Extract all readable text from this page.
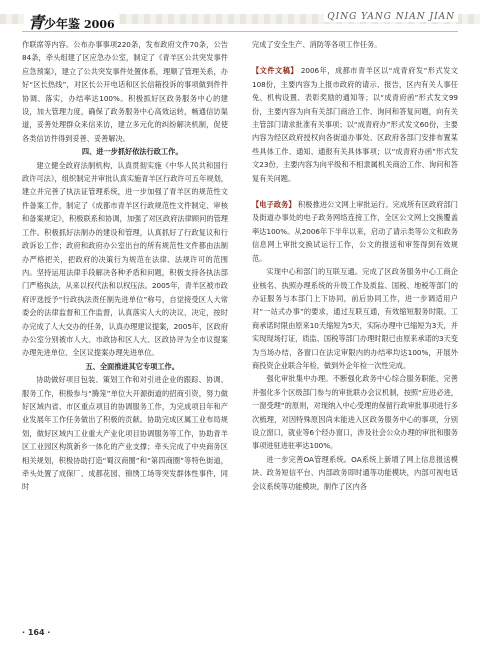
青少年鉴 2006
QING YANG NIAN JIAN

作联席等内容。公布办事事项220条，发布政府文件70条，公告84条，牵头组建了区应急办公室，制定了《青羊区公共突发事件应急预案》，建立了公共突发事件处置体系，理顺了管理关系，办好“区长热线”，对区长公开电话和区长信箱投诉的事项做到件件协调、落实，办结率达100%。积极抓好区政务服务中心的建设，加大管理力度，确保了政务服务中心高效运转，畅通信访渠道，妥善处理群众来信来访，建立多元化的纠纷解决机制，促使各类信访件得到妥善、妥善解决。

四、进一步抓好依法行政工作。

建立健全政府法制机构，认真贯彻实施《中华人民共和国行政许可法》，组织制定并审批认真实施青羊区行政许可五年规划，建立并完善了执法证管理系统，进一步加强了青羊区的规范性文件备案工作，制定了《成都市青羊区行政规范性文件制定、审核和备案规定》，积极联系和协调，加强了对区政府法律顾问的管理工作。积极抓好法制办的建设和管理，认真抓好了行政复议和行政诉讼工作；政府和政府办公室出台的所有规范性文件都由法制办严格把关，把政府的决策行为规范在法律、法规许可的范围内。坚持运用法律手段解决各种矛盾和问题，积极支持各执法部门严格执法，从来以权代法和以权压法。2005年，青羊区被市政府评选授予“行政执法责任制先进单位”称号，自觉接受区人大常委会的法律监督和工作监督，认真落实人大的决议、决定，按时办完成了人大交办的任务，认真办理建议提案，2005年，区政府办公室分别被市人大、市政协和区人大、区政协评为全市议提案办理先进单位、全区议提案办理先进单位。

五、全面推进其它专项工作。

协助做好项目包装、策划工作和对引进企业的跟踪、协调、服务工作，积极参与“腾笼”单位大开源街道的招商引资，努力做好区域内省、市区重点项目的协调服务工作，为完成项目年和产业发展年工作任务做出了积极的贡献。协助完成区属工业布局规划，做好区域内工业重大产业化项目协调服务等工作，协助青羊区工业园区构筑新乡一体化的产业支撑；牵头完成了中央商务区相关规划，积极协助打造“蜀汉商圈”和“第四商圈”等特色街道，牵头处置了成保厂、成都花园、锦绣工场等突发群体性事件，同时

完成了安全生产、消防等各项工作任务。

【文件文稿】 2006年，成都市青羊区以“成青府发”形式发文108份，主要内容为上报市政府的请示、报告，区内有关人事任免、机构设置、表彰奖励的通知等；以“成青府函”形式发文99份，主要内容为向有关部门商洽工作、询问和答复问题，向有关主管部门请求批准有关事项；以“成青府办”形式发文60份，主要内容为经区政府授权向各街道办事处、区政府各部门安排布置某些具体工作、通知、通报有关具体事项；以“成青府办函”形式发文23份，主要内容为向平级和不相隶属机关商洽工作、询问和答复有关问题。

【电子政务】 积极推进公文网上审批运行。完成所有区政府部门及街道办事处的电子政务网络连接工作，全区公文网上交换覆盖率达100%。从2006年下半年以来，启动了请示类等公文和政务信息网上审批交换试运行工作，公文的报送和审签得到有效规范。

实现中心和部门的互联互通。完成了区政务服务中心工商企业核名、执照办理系统的升级工作及质监、国税、地税等部门的办证服务与本部门上下协同，前后协同工作，进一步调适用户对“一站式办事”的要求，通过互联互通，有效缩短服务时限。工商承诺时限由原来10天缩短为5天，实际办理中已缩短为3天，并实现现场打证，质监、国税等部门办理时限已由原来承诺的3天变为当场办结，各窗口在法定审限内的办结率均达100%，开展外商投资企业联合年检，做到外企年检一次性完成。

强化审批集中办理。不断强化政务中心综合服务职能，完善并强化多个区级部门参与的审批联办会议机制，按照“应进必进，一窗受理”的原则，对现纳入中心受理的保留行政审批事项进行多次梳理，对因特殊原因尚未能进入区政务服务中心的事项，分别设立窗口，就业等6个经办窗口，涉及社会公众办理的审批和服务事项进驻进驻率达100%。

进一步完善OA管理系统。OA系统上新增了网上信息报送模块、政务短信平台、内部政务即时通等功能模块，内部可视电话会议系统等功能模块，制作了区内各

· 164 ·
